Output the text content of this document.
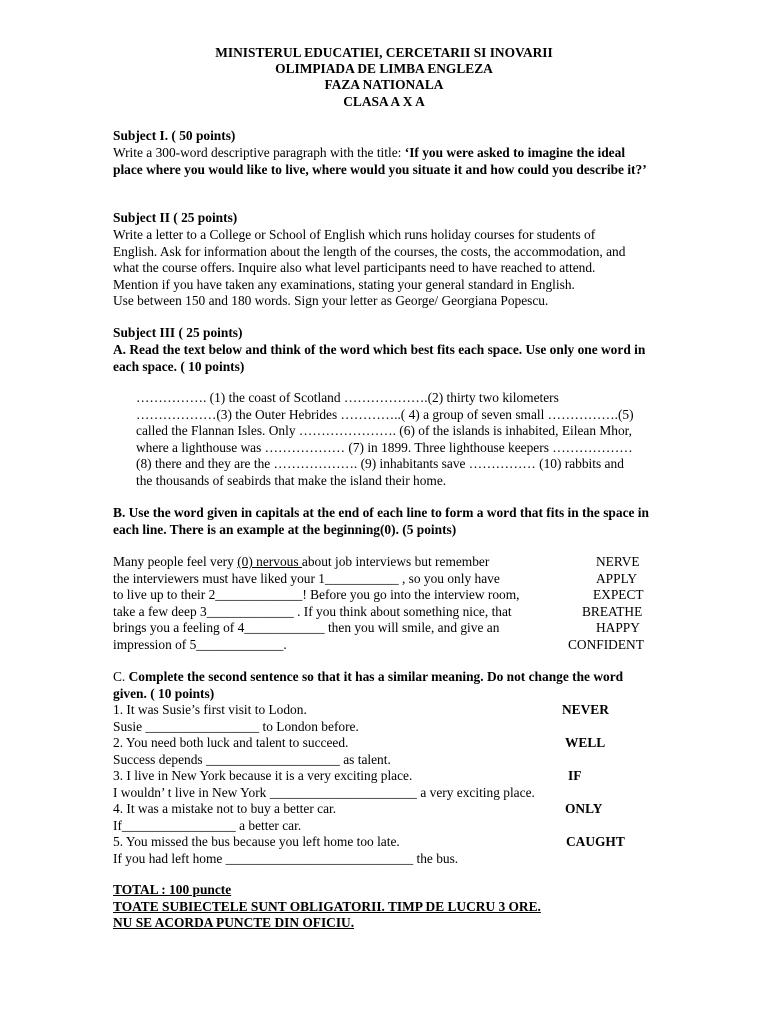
MINISTERUL EDUCATIEI, CERCETARII SI INOVARII
OLIMPIADA DE LIMBA ENGLEZA
FAZA NATIONALA
CLASA A X A
Subject I. ( 50 points)
Write a 300-word descriptive paragraph with the title: ‘If you were asked to imagine the ideal place where you would like to live, where would you situate it and how could you describe it?’
Subject II ( 25 points)
Write a letter to a College or School of English which runs holiday courses for students of
English. Ask for information about the length of the courses, the costs, the accommodation, and
what the course offers. Inquire also what level participants need to have reached to attend.
Mention if you have taken any examinations, stating your general standard in English.
Use between 150 and 180 words. Sign your letter as George/ Georgiana Popescu.
Subject III ( 25 points)
A. Read the text below and think of the word which best fits each space. Use only one word in each space. ( 10 points)
……………. (1) the coast of Scotland ……………….(2) thirty two kilometers
………………(3) the Outer Hebrides …………..( 4) a group of seven small …………….(5)
called the Flannan Isles. Only …………………. (6) of the islands is inhabited, Eilean Mhor,
where a lighthouse was ……………… (7) in 1899. Three lighthouse keepers ………………
(8) there and they are the ………………. (9) inhabitants save …………… (10) rabbits and
the thousands of seabirds that make the island their home.
B. Use the word given in capitals at the end of each line to form a word that fits in the space in each line. There is an example at the beginning(0). (5 points)
Many people feel very (0) nervous about job interviews but remember
the interviewers must have liked your 1___________ , so you only have
to live up to their 2_____________! Before you go into the interview room,
take a few deep 3_____________ . If you think about something nice, that
brings you a feeling of 4____________ then you will smile, and give an
impression of 5_____________.
NERVE
APPLY
EXPECT
BREATHE
HAPPY
CONFIDENT
C. Complete the second sentence so that it has a similar meaning. Do not change the word given. ( 10 points)
1. It was Susie’s first visit to Lodon.
Susie _________________ to London before.
NEVER
2. You need both luck and talent to succeed.
Success depends ____________________ as talent.
WELL
3. I live in New York because it is a very exciting place.
I wouldn’ t live in New York ______________________ a very exciting place.
IF
4. It was a mistake not to buy a better car.
If_________________ a better car.
ONLY
5. You missed the bus because you left home too late.
If you had left home ____________________________ the bus.
CAUGHT
TOTAL : 100 puncte
TOATE SUBIECTELE SUNT OBLIGATORII. TIMP DE LUCRU 3 ORE.
NU SE ACORDA PUNCTE DIN OFICIU.
